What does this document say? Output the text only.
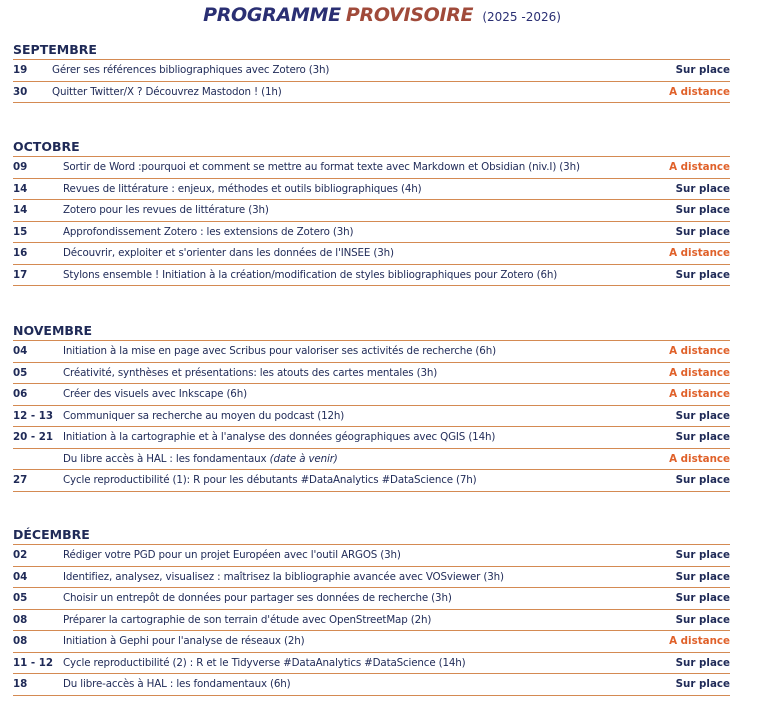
PROGRAMME PROVISOIRE (2025 -2026)
SEPTEMBRE
19 Gérer ses références bibliographiques avec Zotero (3h)	Sur place
30 Quitter Twitter/X ? Découvrez Mastodon ! (1h)	A distance
OCTOBRE
09	Sortir de Word :pourquoi et comment se mettre au format texte avec Markdown et Obsidian (niv.I) (3h)	A distance
14	Revues de littérature : enjeux, méthodes et outils bibliographiques (4h)	Sur place
14	Zotero pour les revues de littérature (3h)	Sur place
15	Approfondissement Zotero : les extensions de Zotero (3h)	Sur place
16	Découvrir, exploiter et s'orienter dans les données de l'INSEE (3h)	A distance
17	Stylons ensemble ! Initiation à la création/modification de styles bibliographiques pour Zotero (6h)	Sur place
NOVEMBRE
04	Initiation à la mise en page avec Scribus pour valoriser ses activités de recherche (6h)	A distance
05	Créativité, synthèses et présentations: les atouts des cartes mentales (3h)	A distance
06	Créer des visuels avec Inkscape (6h)	A distance
12 - 13 Communiquer sa recherche au moyen du podcast (12h)	Sur place
20 - 21 Initiation à la cartographie et à l'analyse des données géographiques avec QGIS (14h)	Sur place
Du libre accès à HAL : les fondamentaux (date à venir)	A distance
27	Cycle reproductibilité (1): R pour les débutants #DataAnalytics #DataScience (7h)	Sur place
DÉCEMBRE
02	Rédiger votre PGD pour un projet Européen avec l'outil ARGOS (3h)	Sur place
04	Identifiez, analysez, visualisez : maîtrisez la bibliographie avancée avec VOSviewer (3h)	Sur place
05	Choisir un entrepôt de données pour partager ses données de recherche (3h)	Sur place
08	Préparer la cartographie de son terrain d'étude avec OpenStreetMap (2h)	Sur place
08	Initiation à Gephi pour l'analyse de réseaux (2h)	A distance
11 - 12 Cycle reproductibilité (2) : R et le Tidyverse #DataAnalytics #DataScience (14h)	Sur place
18	Du libre-accès à HAL : les fondamentaux (6h)	Sur place
